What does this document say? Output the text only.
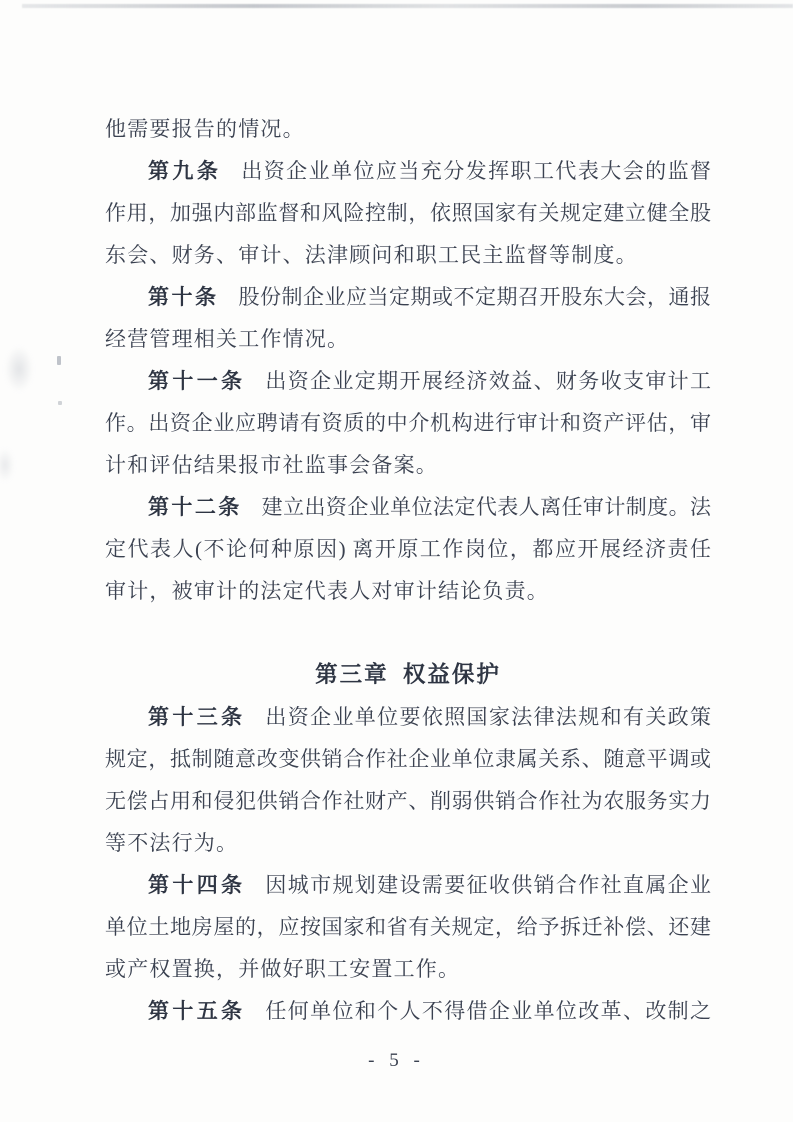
他需要报告的情况。
第九条 出资企业单位应当充分发挥职工代表大会的监督
作用，加强内部监督和风险控制，依照国家有关规定建立健全股
东会、财务、审计、法津顾问和职工民主监督等制度。
第十条 股份制企业应当定期或不定期召开股东大会，通报
经营管理相关工作情况。
第十一条 出资企业定期开展经济效益、财务收支审计工
作。出资企业应聘请有资质的中介机构进行审计和资产评估，审
计和评估结果报市社监事会备案。
第十二条 建立出资企业单位法定代表人离任审计制度。法
定代表人(不论何种原因) 离开原工作岗位，都应开展经济责任
审计，被审计的法定代表人对审计结论负责。
第三章 权益保护
第十三条 出资企业单位要依照国家法律法规和有关政策
规定，抵制随意改变供销合作社企业单位隶属关系、随意平调或
无偿占用和侵犯供销合作社财产、削弱供销合作社为农服务实力
等不法行为。
第十四条 因城市规划建设需要征收供销合作社直属企业
单位土地房屋的，应按国家和省有关规定，给予拆迁补偿、还建
或产权置换，并做好职工安置工作。
第十五条 任何单位和个人不得借企业单位改革、改制之
- 5 -
